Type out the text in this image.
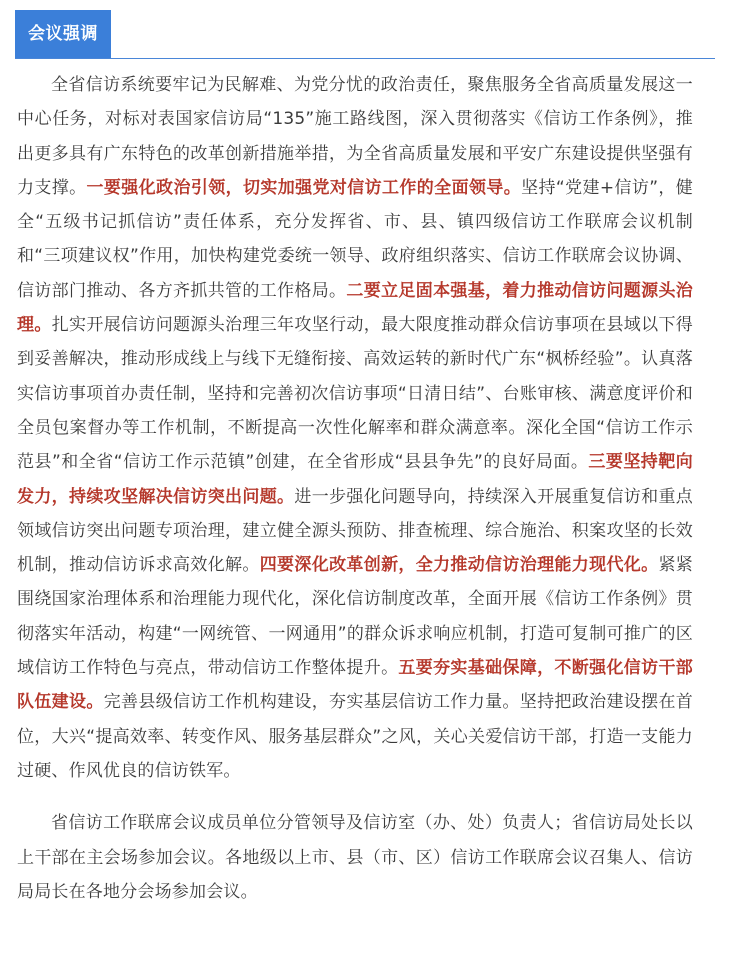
会议强调

全省信访系统要牢记为民解难、为党分忧的政治责任，聚焦服务全省高质量发展这一中心任务，对标对表国家信访局“135”施工路线图，深入贯彻落实《信访工作条例》，推出更多具有广东特色的改革创新措施举措，为全省高质量发展和平安广东建设提供坚强有力支撑。一要强化政治引领，切实加强党对信访工作的全面领导。坚持“党建+信访”，健全“五级书记抓信访”责任体系，充分发挥省、市、县、镇四级信访工作联席会议机制和“三项建议权”作用，加快构建党委统一领导、政府组织落实、信访工作联席会议协调、信访部门推动、各方齐抓共管的工作格局。二要立足固本强基，着力推动信访问题源头治理。扎实开展信访问题源头治理三年攻坚行动，最大限度推动群众信访事项在县域以下得到妥善解决，推动形成线上与线下无缝衔接、高效运转的新时代广东“枫桥经验”。认真落实信访事项首办责任制，坚持和完善初次信访事项“日清日结”、台账审核、满意度评价和全员包案督办等工作机制，不断提高一次性化解率和群众满意率。深化全国“信访工作示范县”和全省“信访工作示范镇”创建，在全省形成“县县争先”的良好局面。三要坚持靶向发力，持续攻坚解决信访突出问题。进一步强化问题导向，持续深入开展重复信访和重点领域信访突出问题专项治理，建立健全源头预防、排查梳理、综合施治、积案攻坚的长效机制，推动信访诉求高效化解。四要深化改革创新，全力推动信访治理能力现代化。紧紧围绕国家治理体系和治理能力现代化，深化信访制度改革，全面开展《信访工作条例》贯彻落实年活动，构建“一网统管、一网通用”的群众诉求响应机制，打造可复制可推广的区域信访工作特色与亮点，带动信访工作整体提升。五要夯实基础保障，不断强化信访干部队伍建设。完善县级信访工作机构建设，夯实基层信访工作力量。坚持把政治建设摆在首位，大兴“提高效率、转变作风、服务基层群众”之风，关心关爱信访干部，打造一支能力过硬、作风优良的信访铁军。

省信访工作联席会议成员单位分管领导及信访室（办、处）负责人；省信访局处长以上干部在主会场参加会议。各地级以上市、县（市、区）信访工作联席会议召集人、信访局局长在各地分会场参加会议。
